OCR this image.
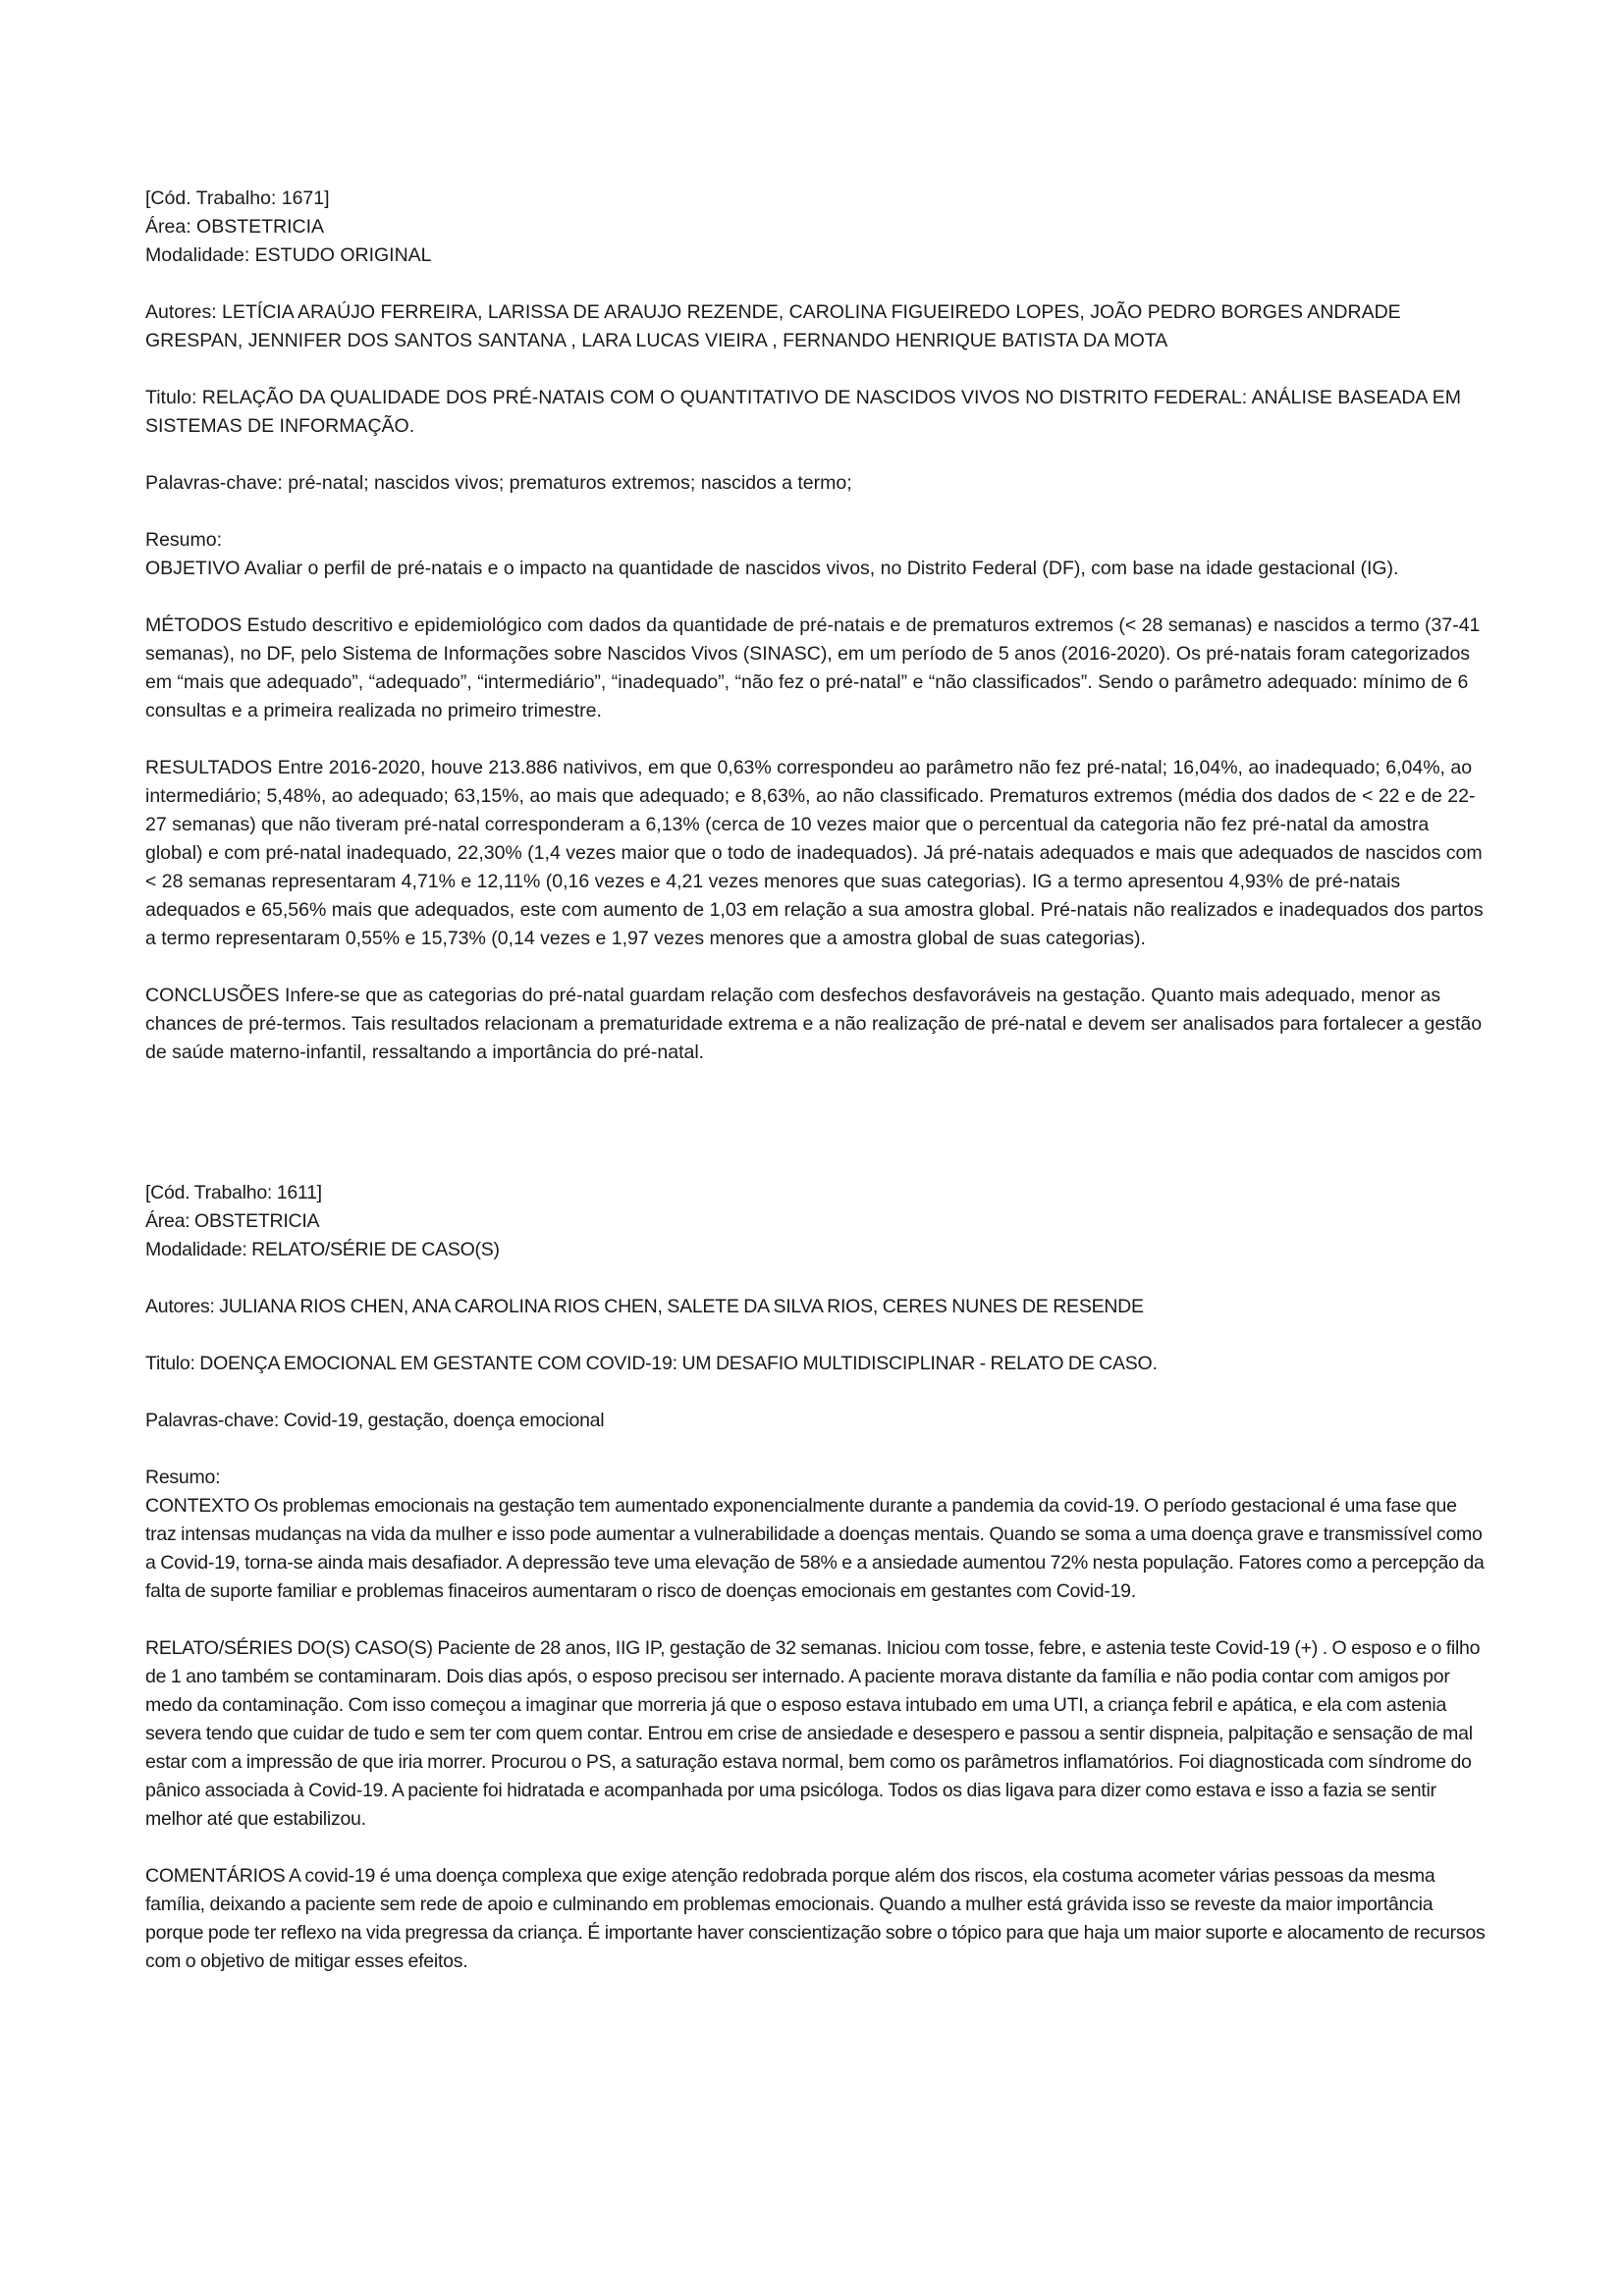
[Cód. Trabalho: 1671]

Área: OBSTETRICIA

Modalidade: ESTUDO ORIGINAL

Autores: LETÍCIA ARAÚJO FERREIRA, LARISSA DE ARAUJO REZENDE, CAROLINA FIGUEIREDO LOPES, JOÃO PEDRO BORGES ANDRADE GRESPAN, JENNIFER DOS SANTOS SANTANA , LARA LUCAS VIEIRA , FERNANDO HENRIQUE BATISTA DA MOTA

Titulo: RELAÇÃO DA QUALIDADE DOS PRÉ-NATAIS COM O QUANTITATIVO DE NASCIDOS VIVOS NO DISTRITO FEDERAL: ANÁLISE BASEADA EM SISTEMAS DE INFORMAÇÃO.

Palavras-chave: pré-natal; nascidos vivos; prematuros extremos; nascidos a termo;

Resumo:

OBJETIVO Avaliar o perfil de pré-natais e o impacto na quantidade de nascidos vivos, no Distrito Federal (DF), com base na idade gestacional (IG).

MÉTODOS Estudo descritivo e epidemiológico com dados da quantidade de pré-natais e de prematuros extremos (< 28 semanas) e nascidos a termo (37-41 semanas), no DF, pelo Sistema de Informações sobre Nascidos Vivos (SINASC), em um período de 5 anos (2016-2020). Os pré-natais foram categorizados em “mais que adequado”, “adequado”, “intermediário”, “inadequado”, “não fez o pré-natal” e “não classificados”. Sendo o parâmetro adequado: mínimo de 6 consultas e a primeira realizada no primeiro trimestre.

RESULTADOS Entre 2016-2020, houve 213.886 nativivos, em que 0,63% correspondeu ao parâmetro não fez pré-natal; 16,04%, ao inadequado; 6,04%, ao intermediário; 5,48%, ao adequado; 63,15%, ao mais que adequado; e 8,63%, ao não classificado. Prematuros extremos (média dos dados de < 22 e de 22-27 semanas) que não tiveram pré-natal corresponderam a 6,13% (cerca de 10 vezes maior que o percentual da categoria não fez pré-natal da amostra global) e com pré-natal inadequado, 22,30% (1,4 vezes maior que o todo de inadequados). Já pré-natais adequados e mais que adequados de nascidos com < 28 semanas representaram 4,71% e 12,11% (0,16 vezes e 4,21 vezes menores que suas categorias). IG a termo apresentou 4,93% de pré-natais adequados e 65,56% mais que adequados, este com aumento de 1,03 em relação a sua amostra global. Pré-natais não realizados e inadequados dos partos a termo representaram 0,55% e 15,73% (0,14 vezes e 1,97 vezes menores que a amostra global de suas categorias).

CONCLUSÕES Infere-se que as categorias do pré-natal guardam relação com desfechos desfavoráveis na gestação. Quanto mais adequado, menor as chances de pré-termos. Tais resultados relacionam a prematuridade extrema e a não realização de pré-natal e devem ser analisados para fortalecer a gestão de saúde materno-infantil, ressaltando a importância do pré-natal.

[Cód. Trabalho: 1611]

Área: OBSTETRICIA

Modalidade: RELATO/SÉRIE DE CASO(S)

Autores: JULIANA RIOS CHEN, ANA CAROLINA RIOS CHEN, SALETE DA SILVA RIOS, CERES NUNES DE RESENDE

Titulo: DOENÇA EMOCIONAL EM GESTANTE COM COVID-19: UM DESAFIO MULTIDISCIPLINAR - RELATO DE CASO.

Palavras-chave: Covid-19, gestação, doença emocional

Resumo:

CONTEXTO Os problemas emocionais na gestação tem aumentado exponencialmente durante a pandemia da covid-19. O período gestacional é uma fase que traz intensas mudanças na vida da mulher e isso pode aumentar a vulnerabilidade a doenças mentais. Quando se soma a uma doença grave e transmissível como a Covid-19, torna-se ainda mais desafiador. A depressão teve uma elevação de 58% e a ansiedade aumentou 72% nesta população. Fatores como a percepção da falta de suporte familiar e problemas finaceiros aumentaram o risco de doenças emocionais em gestantes com Covid-19.

RELATO/SÉRIES DO(S) CASO(S) Paciente de 28 anos, IIG IP, gestação de 32 semanas. Iniciou com tosse, febre, e astenia teste Covid-19 (+) . O esposo e o filho de 1 ano também se contaminaram. Dois dias após, o esposo precisou ser internado. A paciente morava distante da família e não podia contar com amigos por medo da contaminação. Com isso começou a imaginar que morreria já que o esposo estava intubado em uma UTI, a criança febril e apática, e ela com astenia severa tendo que cuidar de tudo e sem ter com quem contar. Entrou em crise de ansiedade e desespero e passou a sentir dispneia, palpitação e sensação de mal estar com a impressão de que iria morrer. Procurou o PS, a saturação estava normal, bem como os parâmetros inflamatórios. Foi diagnosticada com síndrome do pânico associada à Covid-19. A paciente foi hidratada e acompanhada por uma psicóloga. Todos os dias ligava para dizer como estava e isso a fazia se sentir melhor até que estabilizou.

COMENTÁRIOS A covid-19 é uma doença complexa que exige atenção redobrada porque além dos riscos, ela costuma acometer várias pessoas da mesma família, deixando a paciente sem rede de apoio e culminando em problemas emocionais. Quando a mulher está grávida isso se reveste da maior importância porque pode ter reflexo na vida pregressa da criança. É importante haver conscientização sobre o tópico para que haja um maior suporte e alocamento de recursos com o objetivo de mitigar esses efeitos.
